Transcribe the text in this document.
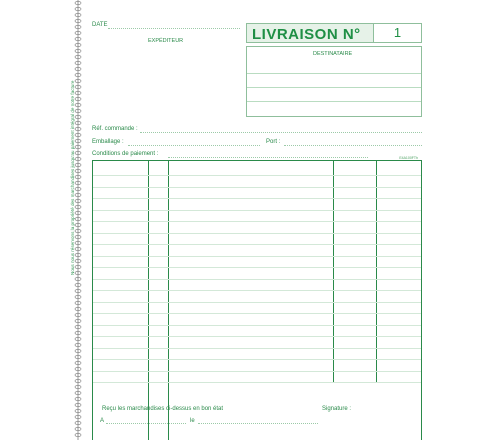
DATE
EXPÉDITEUR	LIVRAISON N°	1
DESTINATAIRE
Réf. commande :
Emballage :	Port :
Conditions de paiement :
E4A100FTh
Nous nous réservons la propriété des marchandises jusqu'au paiement intégral de notre facture
Reçu les marchandises ci-dessus en bon état	Signature :
A	le
